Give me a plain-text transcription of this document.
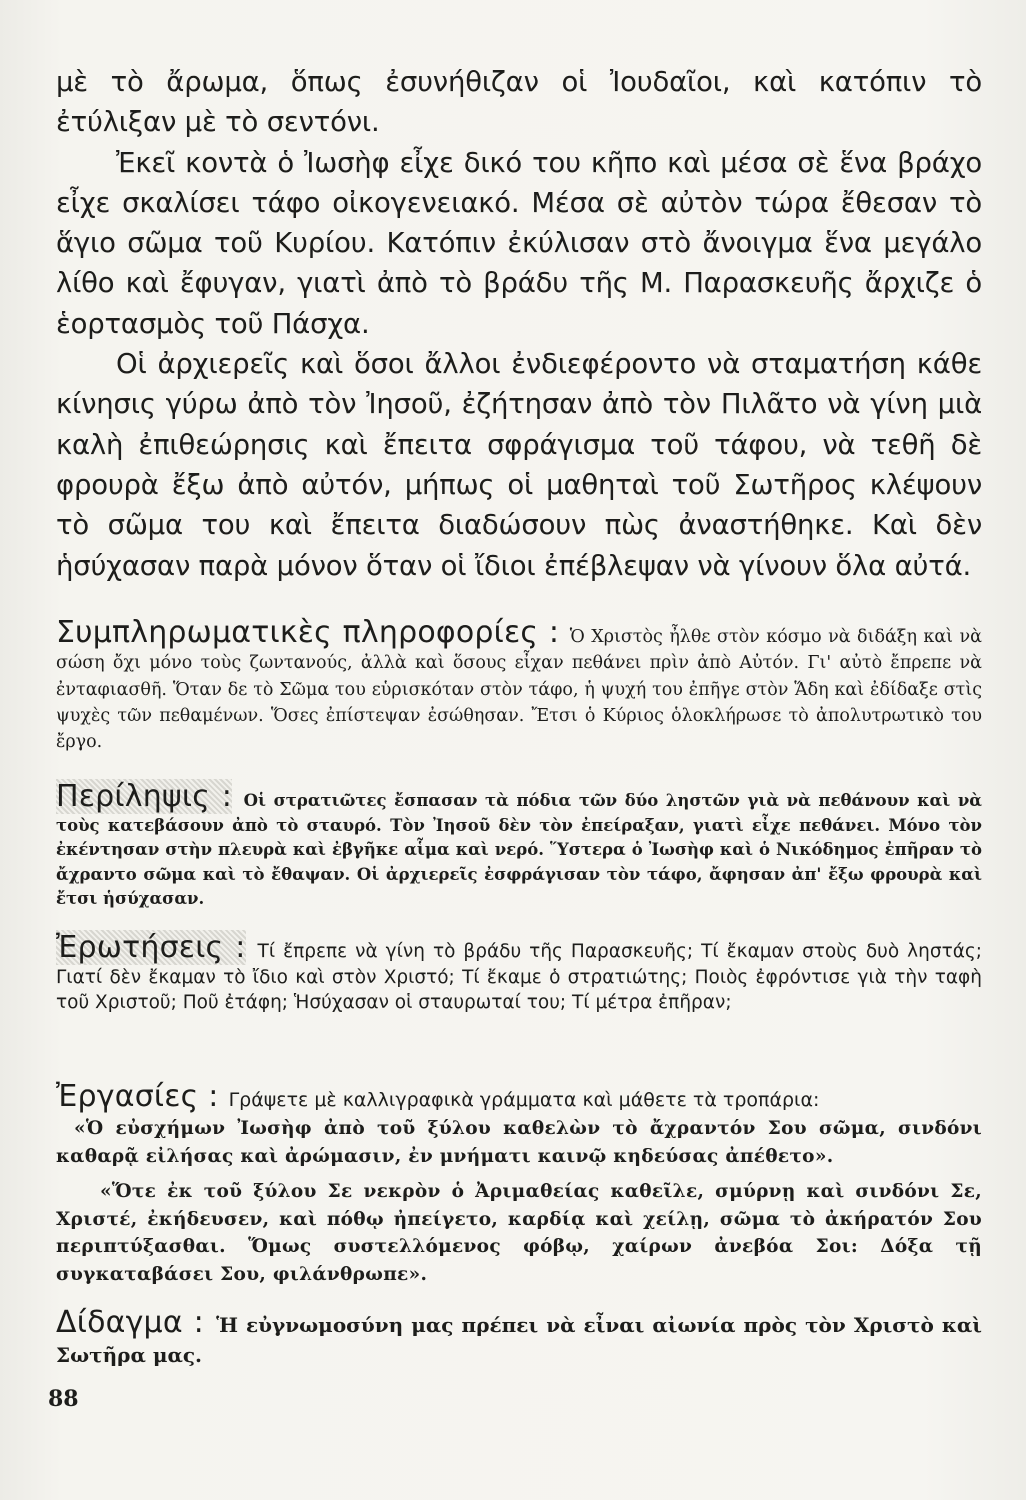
μὲ τὸ ἄρωμα, ὅπως ἐσυνήθιζαν οἱ Ἰουδαῖοι, καὶ κατόπιν τὸ ἐτύλιξαν μὲ τὸ σεντόνι.

Ἐκεῖ κοντὰ ὁ Ἰωσὴφ εἶχε δικό του κῆπο καὶ μέσα σὲ ἕνα βράχο εἶχε σκαλίσει τάφο οἰκογενειακό. Μέσα σὲ αὐτὸν τώρα ἔθεσαν τὸ ἅγιο σῶμα τοῦ Κυρίου. Κατόπιν ἐκύλισαν στὸ ἄνοιγμα ἕνα μεγάλο λίθο καὶ ἔφυγαν, γιατὶ ἀπὸ τὸ βράδυ τῆς Μ. Παρασκευῆς ἄρχιζε ὁ ἑορτασμὸς τοῦ Πάσχα.

Οἱ ἀρχιερεῖς καὶ ὅσοι ἄλλοι ἐνδιεφέροντο νὰ σταματήση κάθε κίνησις γύρω ἀπὸ τὸν Ἰησοῦ, ἐζήτησαν ἀπὸ τὸν Πιλᾶτο νὰ γίνη μιὰ καλὴ ἐπιθεώρησις καὶ ἔπειτα σφράγισμα τοῦ τάφου, νὰ τεθῆ δὲ φρουρὰ ἔξω ἀπὸ αὐτόν, μήπως οἱ μαθηταὶ τοῦ Σωτῆρος κλέψουν τὸ σῶμα του καὶ ἔπειτα διαδώσουν πὼς ἀναστήθηκε. Καὶ δὲν ἡσύχασαν παρὰ μόνον ὅταν οἱ ἴδιοι ἐπέβλεψαν νὰ γίνουν ὅλα αὐτά.

Συμπληρωματικὲς πληροφορίες : Ὁ Χριστὸς ἦλθε στὸν κόσμο νὰ διδάξη καὶ νὰ σώση ὄχι μόνο τοὺς ζωντανούς, ἀλλὰ καὶ ὅσους εἶχαν πεθάνει πρὶν ἀπὸ Αὐτόν. Γι' αὐτὸ ἔπρεπε νὰ ἐνταφιασθῆ. Ὅταν δε τὸ Σῶμα του εὑρισκόταν στὸν τάφο, ἡ ψυχή του ἐπῆγε στὸν Ἅδη καὶ ἐδίδαξε στὶς ψυχὲς τῶν πεθαμένων. Ὅσες ἐπίστεψαν ἐσώθησαν. Ἔτσι ὁ Κύριος ὁλοκλήρωσε τὸ ἀπολυτρωτικὸ του ἔργο.

Περίληψις : Οἱ στρατιῶτες ἔσπασαν τὰ πόδια τῶν δύο ληστῶν γιὰ νὰ πεθάνουν καὶ νὰ τοὺς κατεβάσουν ἀπὸ τὸ σταυρό. Τὸν Ἰησοῦ δὲν τὸν ἐπείραξαν, γιατὶ εἶχε πεθάνει. Μόνο τὸν ἐκέντησαν στὴν πλευρὰ καὶ ἐβγῆκε αἷμα καὶ νερό. Ὕστερα ὁ Ἰωσὴφ καὶ ὁ Νικόδημος ἐπῆραν τὸ ἄχραντο σῶμα καὶ τὸ ἔθαψαν. Οἱ ἀρχιερεῖς ἐσφράγισαν τὸν τάφο, ἄφησαν ἀπ' ἔξω φρουρὰ καὶ ἔτσι ἡσύχασαν.

Ἐρωτήσεις : Τί ἔπρεπε νὰ γίνη τὸ βράδυ τῆς Παρασκευῆς; Τί ἔκαμαν στοὺς δυὸ ληστάς; Γιατί δὲν ἔκαμαν τὸ ἴδιο καὶ στὸν Χριστό; Τί ἔκαμε ὁ στρατιώτης; Ποιὸς ἐφρόντισε γιὰ τὴν ταφὴ τοῦ Χριστοῦ; Ποῦ ἐτάφη; Ἡσύχασαν οἱ σταυρωταί του; Τί μέτρα ἐπῆραν;

Ἐργασίες : Γράψετε μὲ καλλιγραφικὰ γράμματα καὶ μάθετε τὰ τροπάρια:

«Ὁ εὐσχήμων Ἰωσὴφ ἀπὸ τοῦ ξύλου καθελὼν τὸ ἄχραντόν Σου σῶμα, σινδόνι καθαρᾷ εἰλήσας καὶ ἀρώμασιν, ἐν μνήματι καινῷ κηδεύσας ἀπέθετο».

«Ὅτε ἐκ τοῦ ξύλου Σε νεκρὸν ὁ Ἀριμαθείας καθεῖλε, σμύρνῃ καὶ σινδόνι Σε, Χριστέ, ἐκήδευσεν, καὶ πόθῳ ἠπείγετο, καρδίᾳ καὶ χείλῃ, σῶμα τὸ ἀκήρατόν Σου περιπτύξασθαι. Ὅμως συστελλόμενος φόβῳ, χαίρων ἀνεβόα Σοι: Δόξα τῇ συγκαταβάσει Σου, φιλάνθρωπε».

Δίδαγμα : Ἡ εὐγνωμοσύνη μας πρέπει νὰ εἶναι αἰωνία πρὸς τὸν Χριστὸ καὶ Σωτῆρα μας.

88
